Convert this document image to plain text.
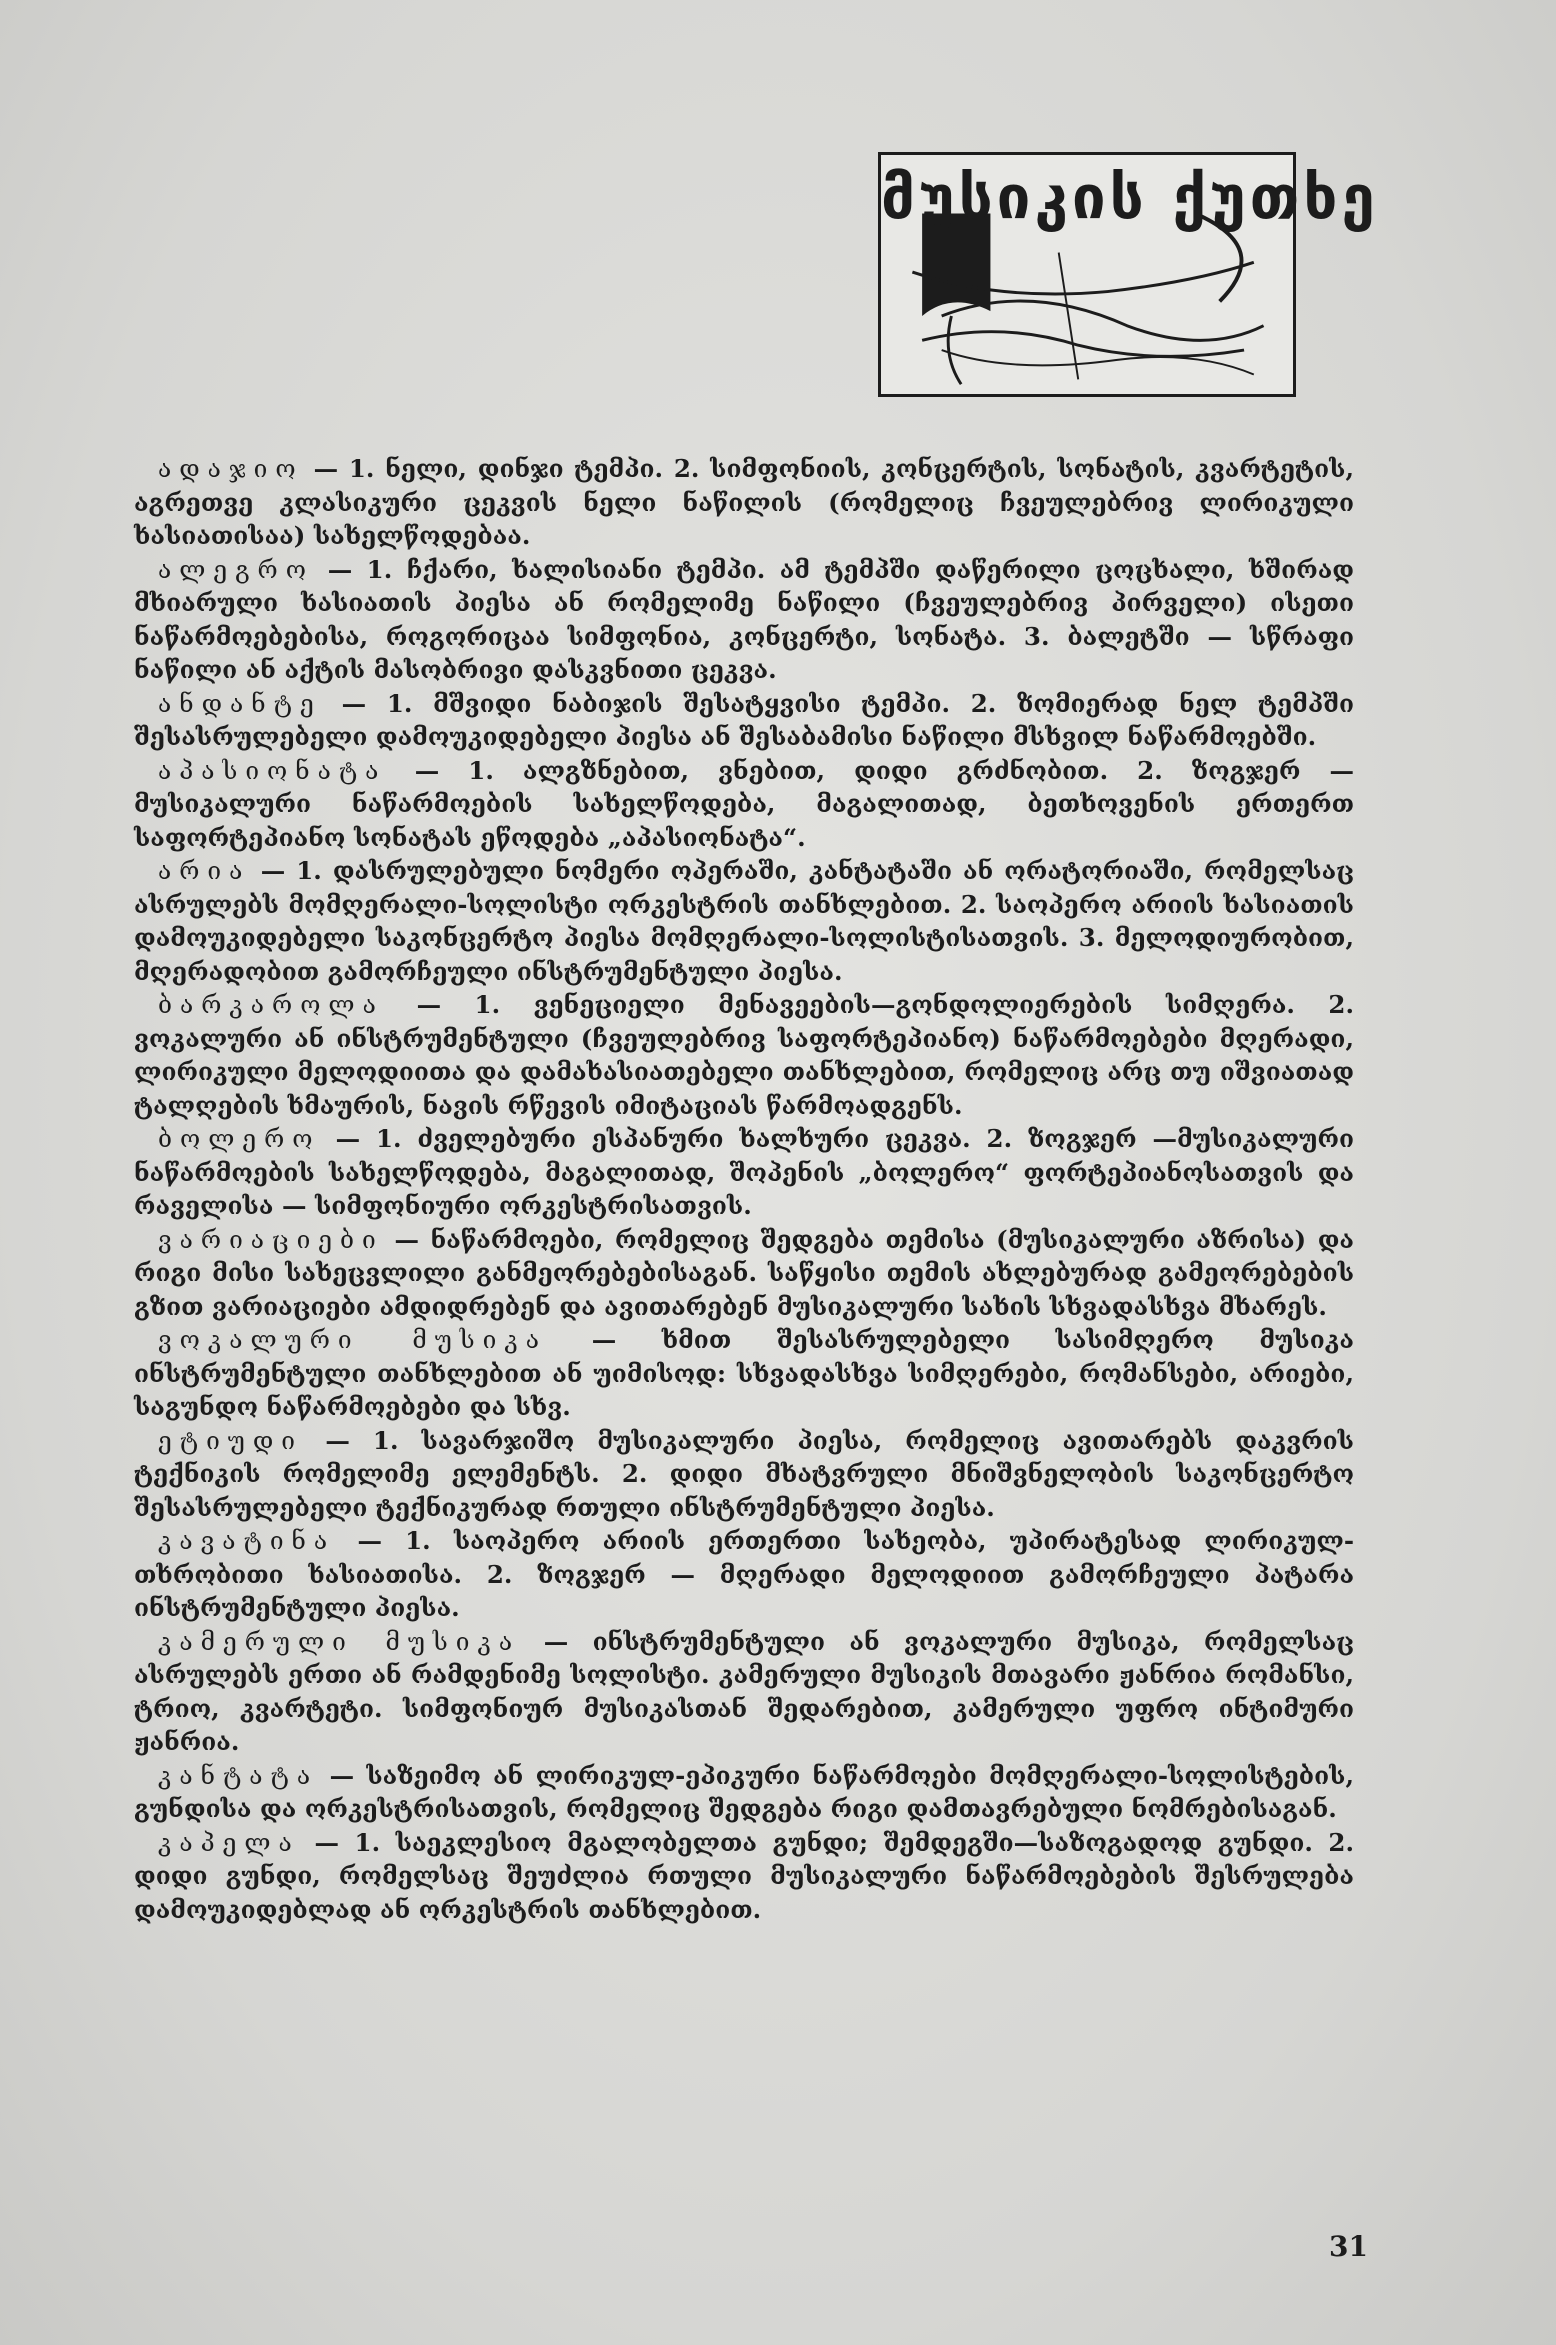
მუსიკის ქუთხე

ადაჯიო — 1. ნელი, დინჯი ტემპი. 2. სიმფონიის, კონცერტის, სონატის, კვარტეტის, აგრეთვე კლასიკური ცეკვის ნელი ნაწილის (რომელიც ჩვეულებრივ ლირიკული ხასიათისაა) სახელწოდებაა.

ალეგრო — 1. ჩქარი, ხალისიანი ტემპი. ამ ტემპში დაწერილი ცოცხალი, ხშირად მხიარული ხასიათის პიესა ან რომელიმე ნაწილი (ჩვეულებრივ პირველი) ისეთი ნაწარმოებებისა, როგორიცაა სიმფონია, კონცერტი, სონატა. 3. ბალეტში — სწრაფი ნაწილი ან აქტის მასობრივი დასკვნითი ცეკვა.

ანდანტე — 1. მშვიდი ნაბიჯის შესატყვისი ტემპი. 2. ზომიერად ნელ ტემპში შესასრულებელი დამოუკიდებელი პიესა ან შესაბამისი ნაწილი მსხვილ ნაწარმოებში.

აპასიონატა — 1. ალგზნებით, ვნებით, დიდი გრძნობით. 2. ზოგჯერ — მუსიკალური ნაწარმოების სახელწოდება, მაგალითად, ბეთხოვენის ერთერთ საფორტეპიანო სონატას ეწოდება „აპასიონატა“.

არია — 1. დასრულებული ნომერი ოპერაში, კანტატაში ან ორატორიაში, რომელსაც ასრულებს მომღერალი-სოლისტი ორკესტრის თანხლებით. 2. საოპერო არიის ხასიათის დამოუკიდებელი საკონცერტო პიესა მომღერალი-სოლისტისათვის. 3. მელოდიურობით, მღერადობით გამორჩეული ინსტრუმენტული პიესა.

ბარკაროლა — 1. ვენეციელი მენავეების—გონდოლიერების სიმღერა. 2. ვოკალური ან ინსტრუმენტული (ჩვეულებრივ საფორტეპიანო) ნაწარმოებები მღერადი, ლირიკული მელოდიითა და დამახასიათებელი თანხლებით, რომელიც არც თუ იშვიათად ტალღების ხმაურის, ნავის რწევის იმიტაციას წარმოადგენს.

ბოლერო — 1. ძველებური ესპანური ხალხური ცეკვა. 2. ზოგჯერ —მუსიკალური ნაწარმოების სახელწოდება, მაგალითად, შოპენის „ბოლერო“ ფორტეპიანოსათვის და რაველისა — სიმფონიური ორკესტრისათვის.

ვარიაციები — ნაწარმოები, რომელიც შედგება თემისა (მუსიკალური აზრისა) და რიგი მისი სახეცვლილი განმეორებებისაგან. საწყისი თემის ახლებურად გამეორებების გზით ვარიაციები ამდიდრებენ და ავითარებენ მუსიკალური სახის სხვადასხვა მხარეს.

ვოკალური მუსიკა — ხმით შესასრულებელი სასიმღერო მუსიკა ინსტრუმენტული თანხლებით ან უიმისოდ: სხვადასხვა სიმღერები, რომანსები, არიები, საგუნდო ნაწარმოებები და სხვ.

ეტიუდი — 1. სავარჯიშო მუსიკალური პიესა, რომელიც ავითარებს დაკვრის ტექნიკის რომელიმე ელემენტს. 2. დიდი მხატვრული მნიშვნელობის საკონცერტო შესასრულებელი ტექნიკურად რთული ინსტრუმენტული პიესა.

კავატინა — 1. საოპერო არიის ერთერთი სახეობა, უპირატესად ლირიკულ-თხრობითი ხასიათისა. 2. ზოგჯერ — მღერადი მელოდიით გამორჩეული პატარა ინსტრუმენტული პიესა.

კამერული მუსიკა — ინსტრუმენტული ან ვოკალური მუსიკა, რომელსაც ასრულებს ერთი ან რამდენიმე სოლისტი. კამერული მუსიკის მთავარი ჟანრია რომანსი, ტრიო, კვარტეტი. სიმფონიურ მუსიკასთან შედარებით, კამერული უფრო ინტიმური ჟანრია.

კანტატა — საზეიმო ან ლირიკულ-ეპიკური ნაწარმოები მომღერალი-სოლისტების, გუნდისა და ორკესტრისათვის, რომელიც შედგება რიგი დამთავრებული ნომრებისაგან.

კაპელა — 1. საეკლესიო მგალობელთა გუნდი; შემდეგში—საზოგადოდ გუნდი. 2. დიდი გუნდი, რომელსაც შეუძლია რთული მუსიკალური ნაწარმოებების შესრულება დამოუკიდებლად ან ორკესტრის თანხლებით.

31
